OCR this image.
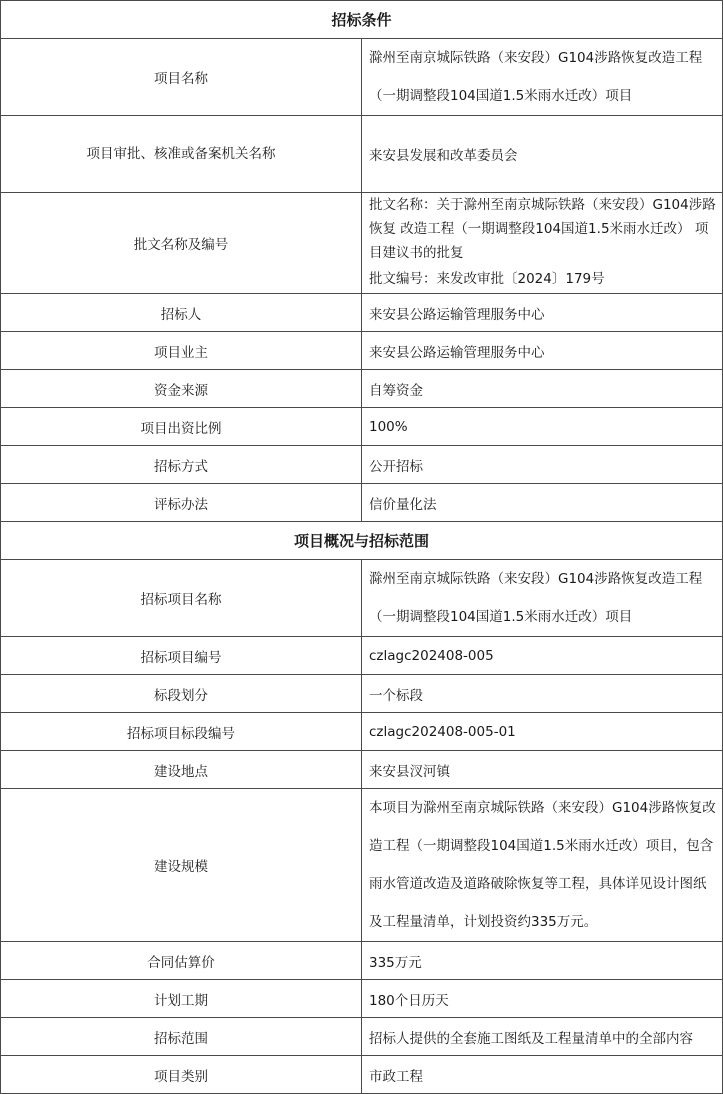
招标条件	
项目名称	滁州至南京城际铁路（来安段）G104涉路恢复改造工程（一期调整段104国道1.5米雨水迁改）项目
项目审批、核准或备案机关名称	来安县发展和改革委员会
批文名称及编号	批文名称：关于滁州至南京城际铁路（来安段）G104涉路恢复 改造工程（一期调整段104国道1.5米雨水迁改） 项目建议书的批复
批文编号：来发改审批〔2024〕179号

招标人	来安县公路运输管理服务中心
项目业主	来安县公路运输管理服务中心
资金来源	自筹资金
项目出资比例	100%
招标方式	公开招标
评标办法	信价量化法
项目概况与招标范围	
招标项目名称	滁州至南京城际铁路（来安段）G104涉路恢复改造工程（一期调整段104国道1.5米雨水迁改）项目
招标项目编号	czlagc202408-005
标段划分	一个标段
招标项目标段编号	czlagc202408-005-01
建设地点	来安县汊河镇
建设规模	本项目为滁州至南京城际铁路（来安段）G104涉路恢复改造工程（一期调整段104国道1.5米雨水迁改）项目，包含雨水管道改造及道路破除恢复等工程，具体详见设计图纸及工程量清单，计划投资约335万元。
合同估算价	335万元
计划工期	180个日历天
招标范围	招标人提供的全套施工图纸及工程量清单中的全部内容
项目类别	市政工程
